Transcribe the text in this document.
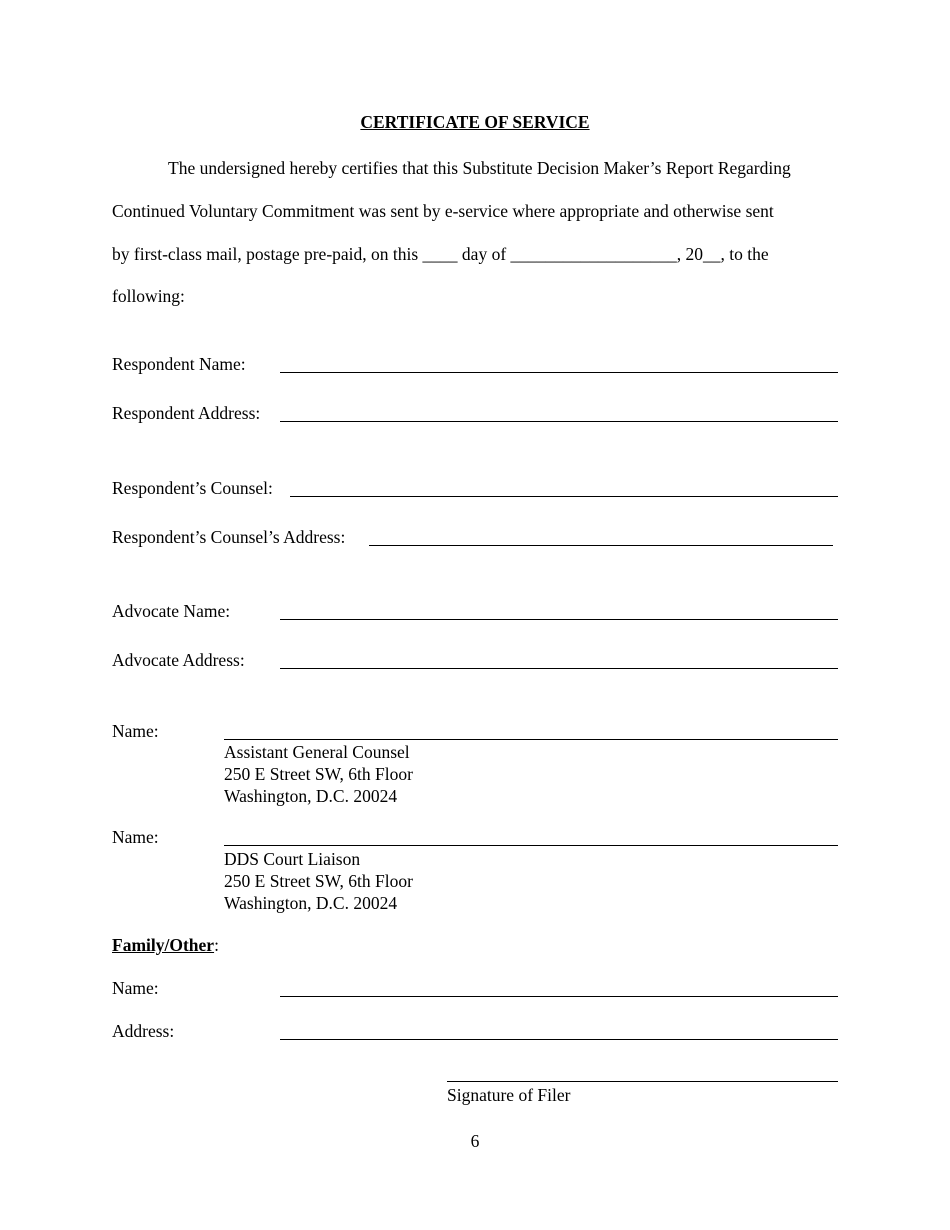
CERTIFICATE OF SERVICE
The undersigned hereby certifies that this Substitute Decision Maker’s Report Regarding
Continued Voluntary Commitment was sent by e-service where appropriate and otherwise sent
by first-class mail, postage pre-paid, on this ____ day of ___________________, 20__, to the
following:
Respondent Name:
Respondent Address:
Respondent’s Counsel:
Respondent’s Counsel’s Address:
Advocate Name:
Advocate Address:
Name:
Assistant General Counsel
250 E Street SW, 6th Floor
Washington, D.C. 20024
Name:
DDS Court Liaison
250 E Street SW, 6th Floor
Washington, D.C. 20024
Family/Other:
Name:
Address:
Signature of Filer
6
